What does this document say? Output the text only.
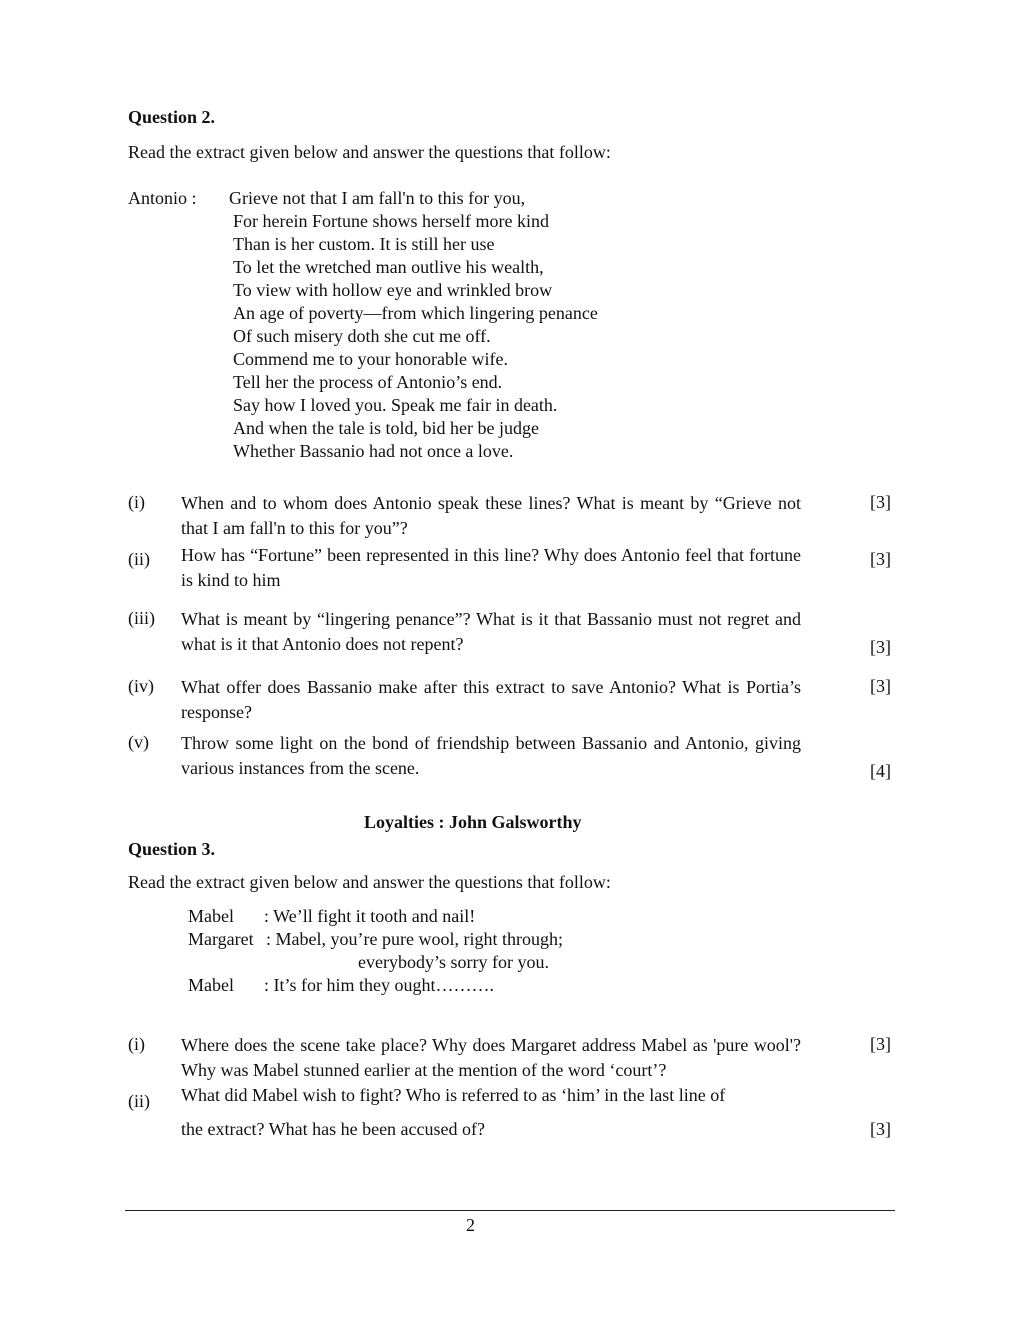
Question 2.
Read the extract given below and answer the questions that follow:
Antonio : Grieve not that I am fall'n to this for you,
For herein Fortune shows herself more kind
Than is her custom. It is still her use
To let the wretched man outlive his wealth,
To view with hollow eye and wrinkled brow
An age of poverty—from which lingering penance
Of such misery doth she cut me off.
Commend me to your honorable wife.
Tell her the process of Antonio’s end.
Say how I loved you. Speak me fair in death.
And when the tale is told, bid her be judge
Whether Bassanio had not once a love.
(i) When and to whom does Antonio speak these lines? What is meant by “Grieve not that I am fall'n to this for you”?
[3]
(ii) How has “Fortune” been represented in this line? Why does Antonio feel that fortune is kind to him
[3]
(iii) What is meant by “lingering penance”? What is it that Bassanio must not regret and what is it that Antonio does not repent?	[3]
(iv) What offer does Bassanio make after this extract to save Antonio? What is Portia’s response?
[3]
(v) Throw some light on the bond of friendship between Bassanio and Antonio, giving various instances from the scene.	[4]
Loyalties : John Galsworthy
Question 3.
Read the extract given below and answer the questions that follow:
Mabel : We’ll fight it tooth and nail!
Margaret : Mabel, you’re pure wool, right through;
everybody’s sorry for you.
Mabel : It’s for him they ought……….
(i) Where does the scene take place? Why does Margaret address Mabel as 'pure wool'? Why was Mabel stunned earlier at the mention of the word ‘court’?
[3]
(ii) What did Mabel wish to fight? Who is referred to as ‘him’ in the last line of
the extract? What has he been accused of?	[3]
2
